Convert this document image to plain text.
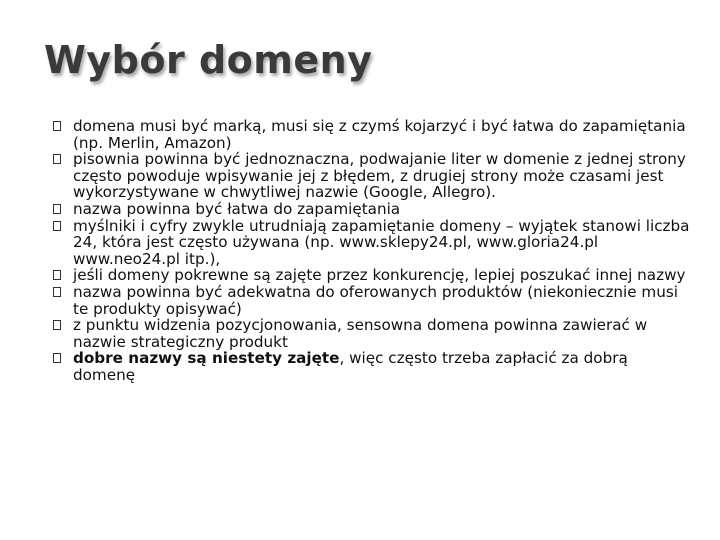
Wybór domeny
domena musi być marką, musi się z czymś kojarzyć i być łatwa do zapamiętania (np. Merlin, Amazon)
pisownia powinna być jednoznaczna, podwajanie liter w domenie z jednej strony często powoduje wpisywanie jej z błędem, z drugiej strony może czasami jest wykorzystywane w chwytliwej nazwie (Google, Allegro).
nazwa powinna być łatwa do zapamiętania
myślniki i cyfry zwykle utrudniają zapamiętanie domeny – wyjątek stanowi liczba 24, która jest często używana (np. www.sklepy24.pl, www.gloria24.pl www.neo24.pl itp.),
jeśli domeny pokrewne są zajęte przez konkurencję, lepiej poszukać innej nazwy
nazwa powinna być adekwatna do oferowanych produktów (niekoniecznie musi te produkty opisywać)
z punktu widzenia pozycjonowania, sensowna domena powinna zawierać w nazwie strategiczny produkt
dobre nazwy są niestety zajęte, więc często trzeba zapłacić za dobrą domenę
